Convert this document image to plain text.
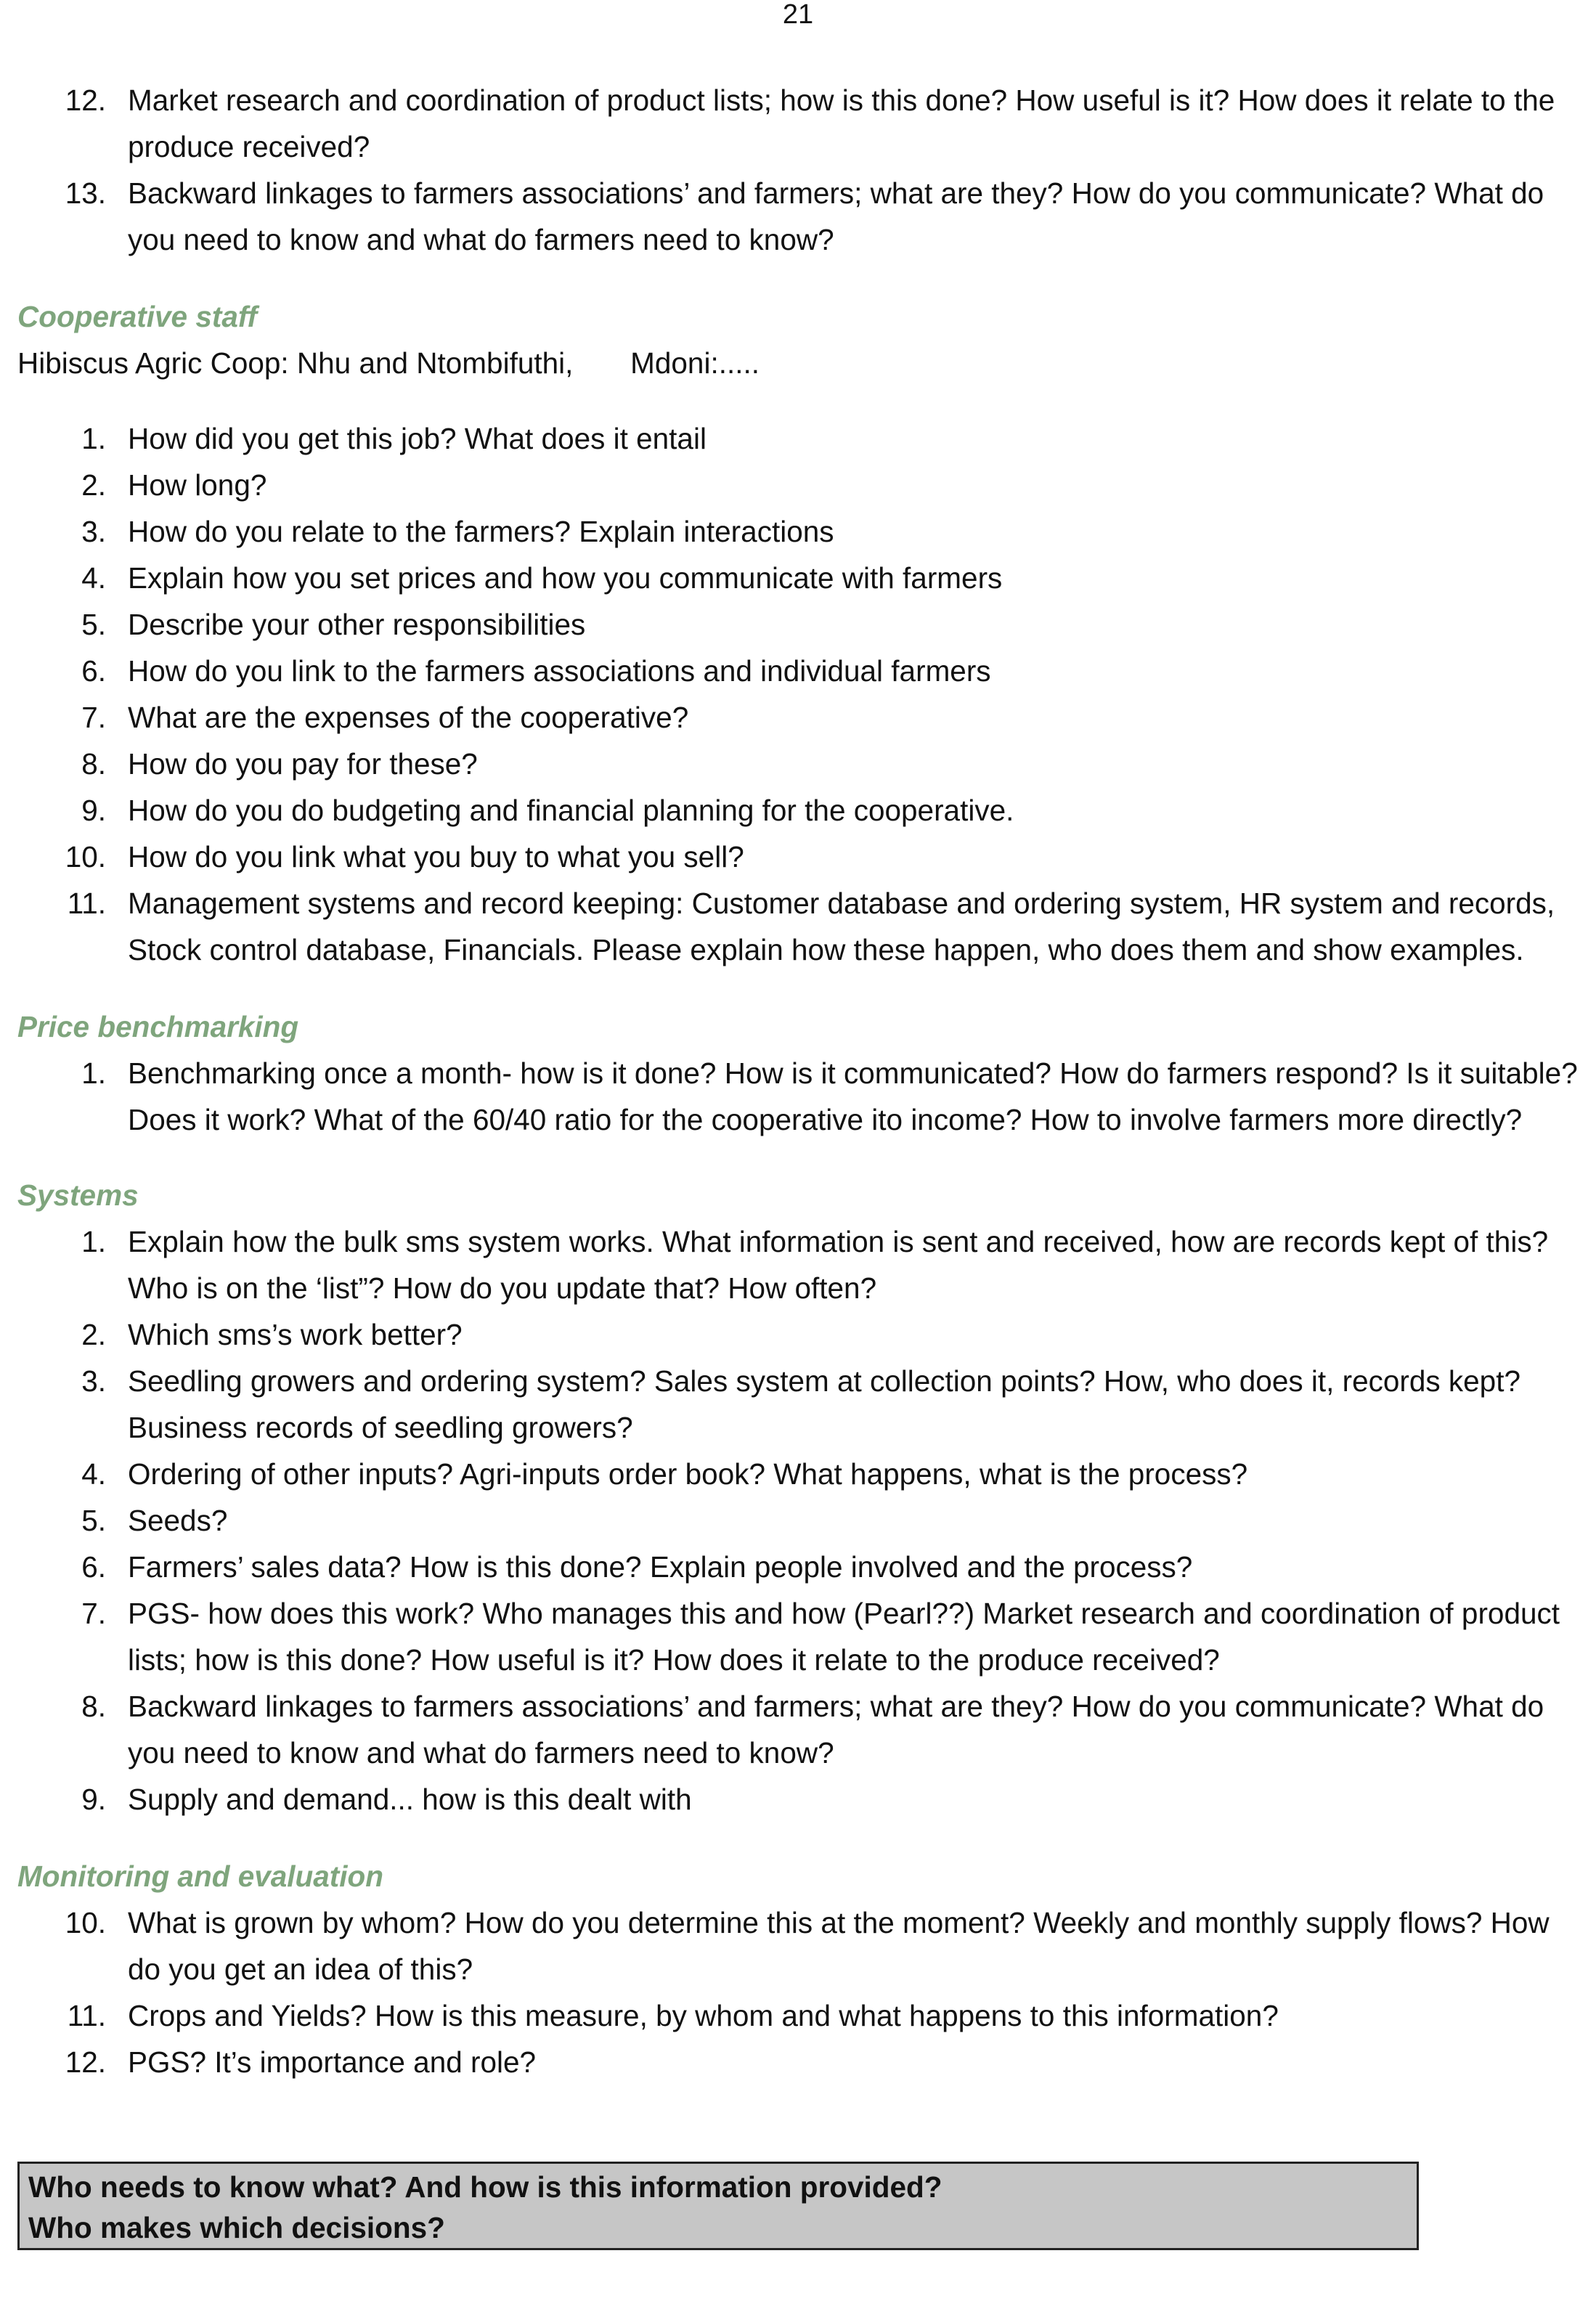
21
12. Market research and coordination of product lists; how is this done? How useful is it? How does it relate to the produce received?
13. Backward linkages to farmers associations’ and farmers; what are they? How do you communicate? What do you need to know and what do farmers need to know?
Cooperative staff
Hibiscus Agric Coop: Nhu and Ntombifuthi,       Mdoni:.....
1. How did you get this job? What does it entail
2. How long?
3. How do you relate to the farmers? Explain interactions
4. Explain how you set prices and how you communicate with farmers
5. Describe your other responsibilities
6. How do you link to the farmers associations and individual farmers
7. What are the expenses of the cooperative?
8. How do you pay for these?
9. How do you do budgeting and financial planning for the cooperative.
10. How do you link what you buy to what you sell?
11. Management systems and record keeping: Customer database and ordering system, HR system and records, Stock control database, Financials. Please explain how these happen, who does them and show examples.
Price benchmarking
1. Benchmarking once a month- how is it done? How is it communicated? How do farmers respond? Is it suitable? Does it work? What of the 60/40 ratio for the cooperative ito income? How to involve farmers more directly?
Systems
1. Explain how the bulk sms system works. What information is sent and received, how are records kept of this? Who is on the ‘list”? How do you update that? How often?
2. Which sms’s work better?
3. Seedling growers and ordering system? Sales system at collection points? How, who does it, records kept? Business records of seedling growers?
4. Ordering of other inputs? Agri-inputs order book? What happens, what is the process?
5. Seeds?
6. Farmers’ sales data? How is this done? Explain people involved and the process?
7. PGS- how does this work? Who manages this and how (Pearl??) Market research and coordination of product lists; how is this done? How useful is it? How does it relate to the produce received?
8. Backward linkages to farmers associations’ and farmers; what are they? How do you communicate? What do you need to know and what do farmers need to know?
9. Supply and demand... how is this dealt with
Monitoring and evaluation
10. What is grown by whom? How do you determine this at the moment? Weekly and monthly supply flows? How do you get an idea of this?
11. Crops and Yields? How is this measure, by whom and what happens to this information?
12. PGS? It’s importance and role?
Who needs to know what? And how is this information provided?
Who makes which decisions?
